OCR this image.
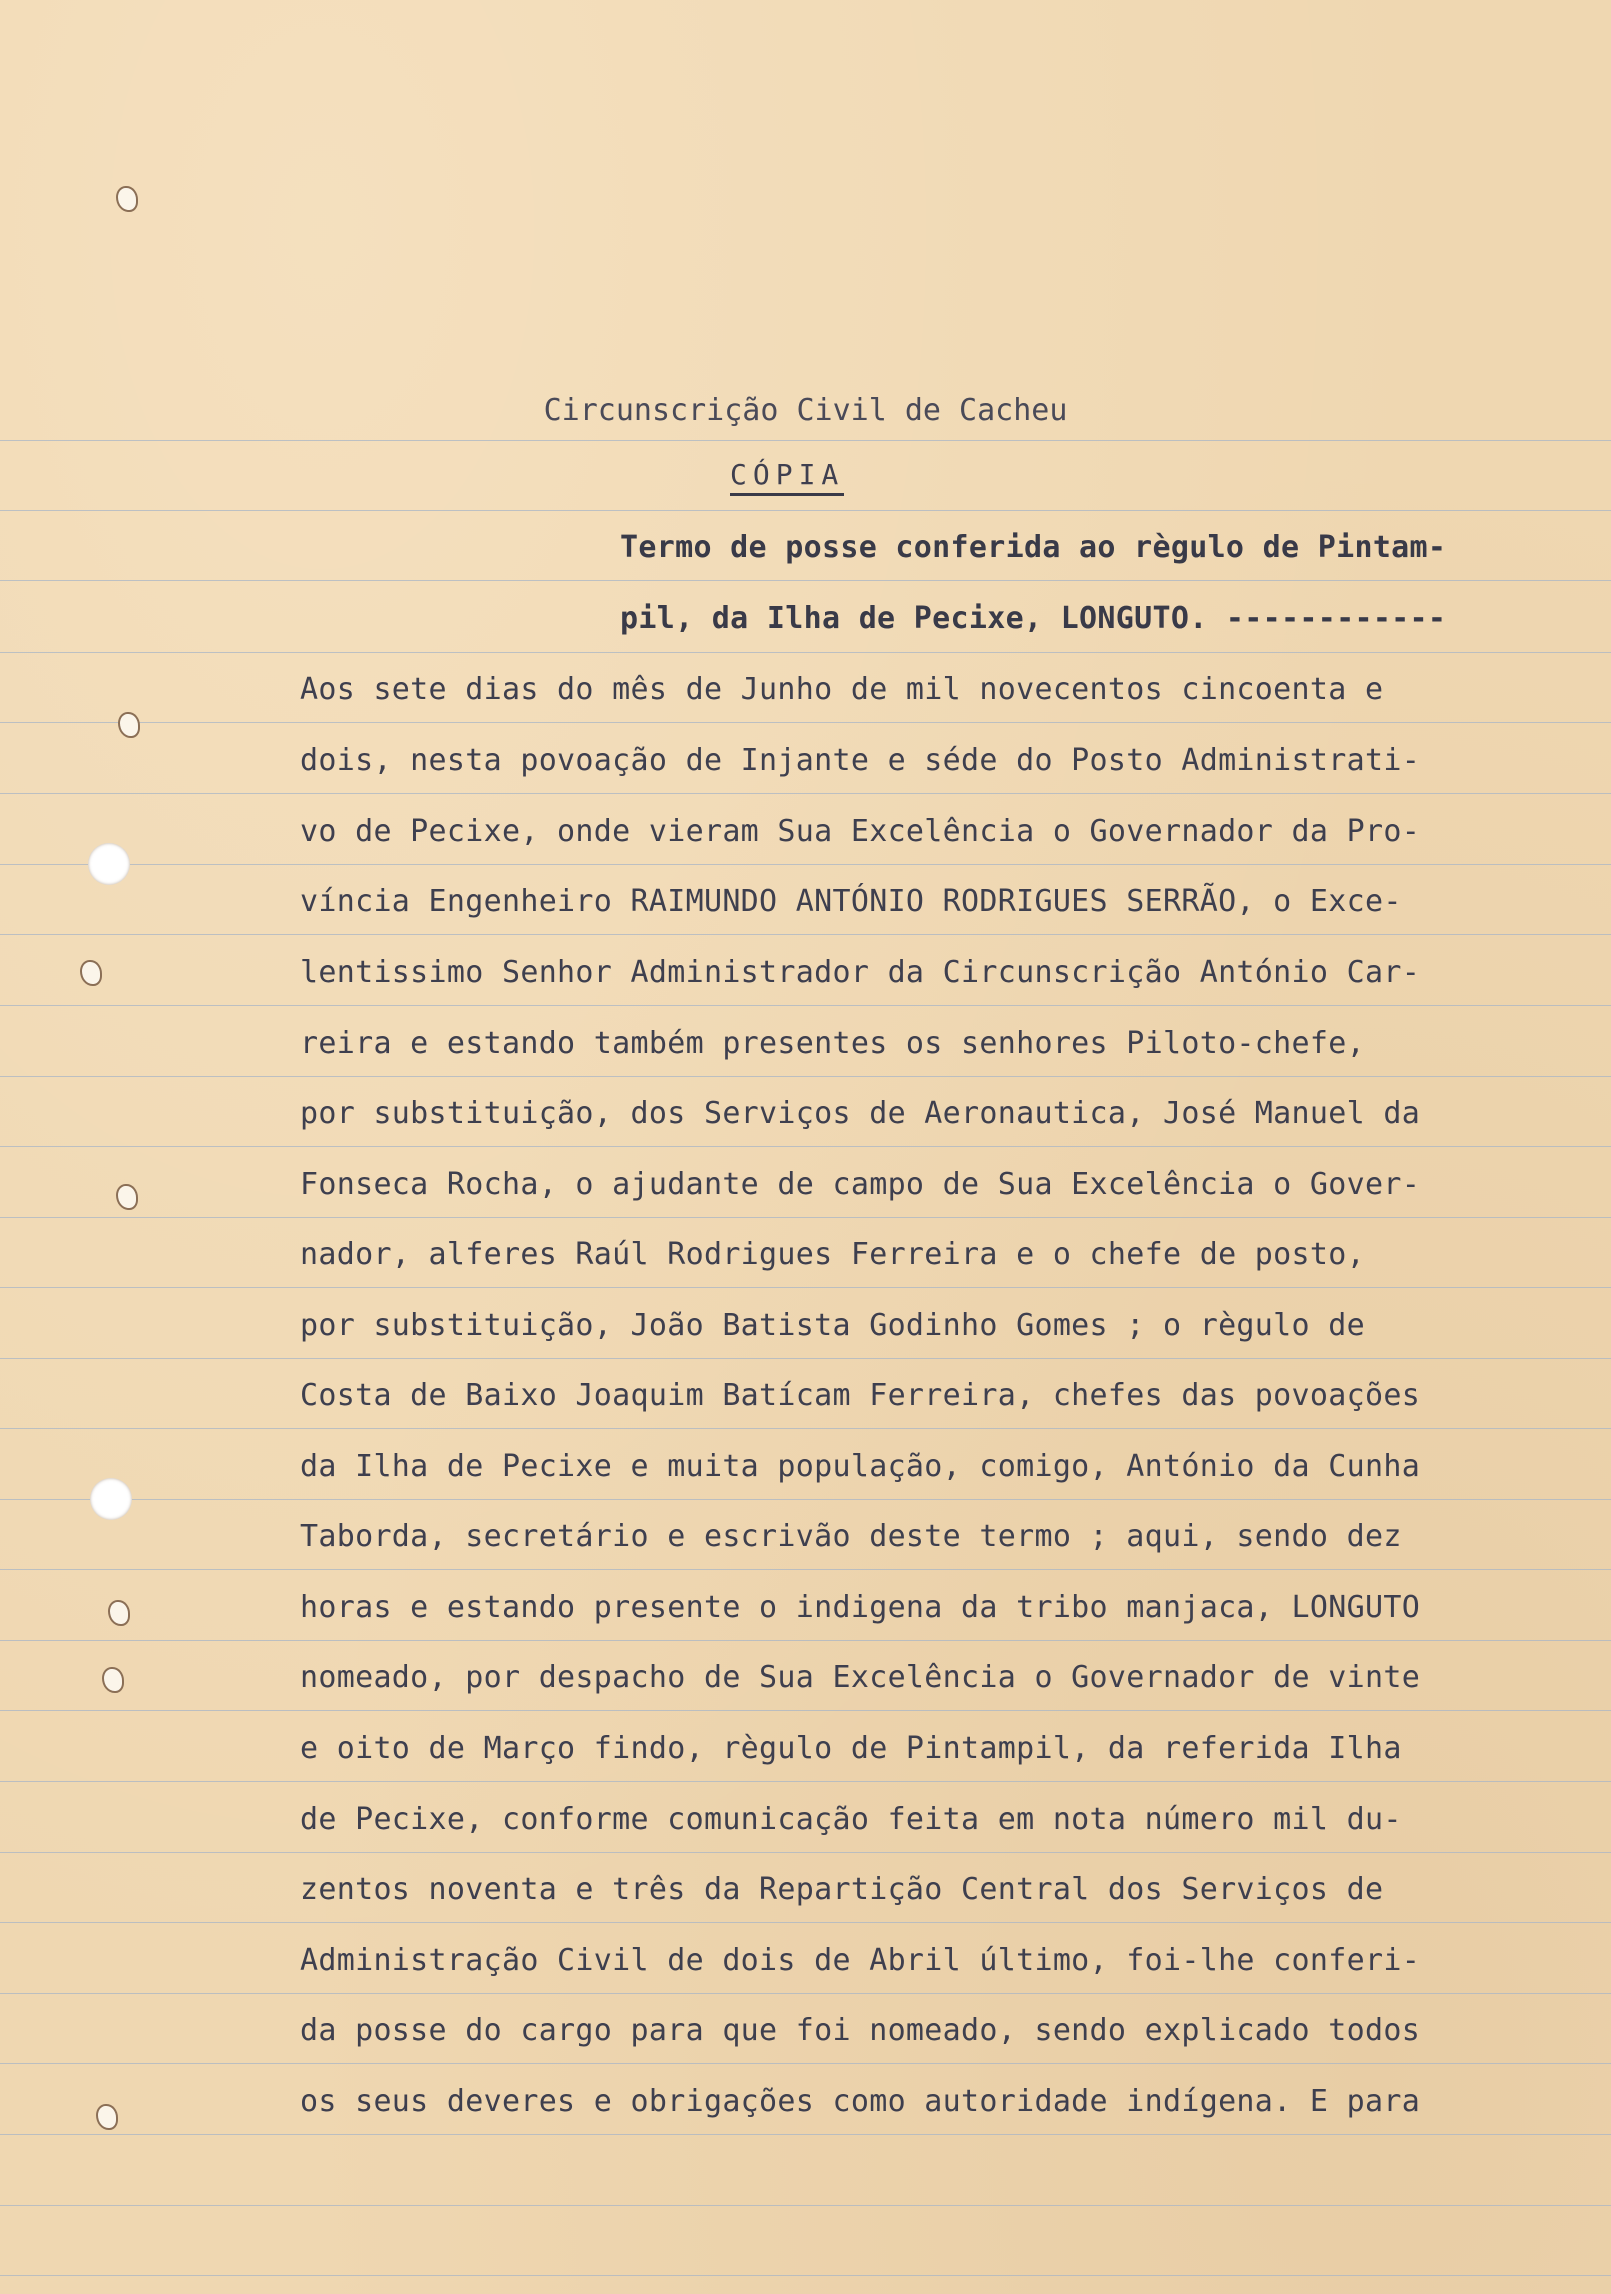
Circunscrição Civil de Cacheu
CÓPIA
Termo de posse conferida ao règulo de Pintam-
pil, da Ilha de Pecixe, LONGUTO. ------------
Aos sete dias do mês de Junho de mil novecentos cincoenta e
dois, nesta povoação de Injante e séde do Posto Administrati-
vo de Pecixe, onde vieram Sua Excelência o Governador da Pro-
víncia Engenheiro RAIMUNDO ANTÓNIO RODRIGUES SERRÃO, o Exce-
lentissimo Senhor Administrador da Circunscrição António Car-
reira e estando também presentes os senhores Piloto-chefe,
por substituição, dos Serviços de Aeronautica, José Manuel da
Fonseca Rocha, o ajudante de campo de Sua Excelência o Gover-
nador, alferes Raúl Rodrigues Ferreira e o chefe de posto,
por substituição, João Batista Godinho Gomes ; o règulo de
Costa de Baixo Joaquim Batícam Ferreira, chefes das povoações
da Ilha de Pecixe e muita população, comigo, António da Cunha
Taborda, secretário e escrivão deste termo ; aqui, sendo dez
horas e estando presente o indigena da tribo manjaca, LONGUTO
nomeado, por despacho de Sua Excelência o Governador de vinte
e oito de Março findo, règulo de Pintampil, da referida Ilha
de Pecixe, conforme comunicação feita em nota número mil du-
zentos noventa e três da Repartição Central dos Serviços de
Administração Civil de dois de Abril último, foi-lhe conferi-
da posse do cargo para que foi nomeado, sendo explicado todos
os seus deveres e obrigações como autoridade indígena. E para
